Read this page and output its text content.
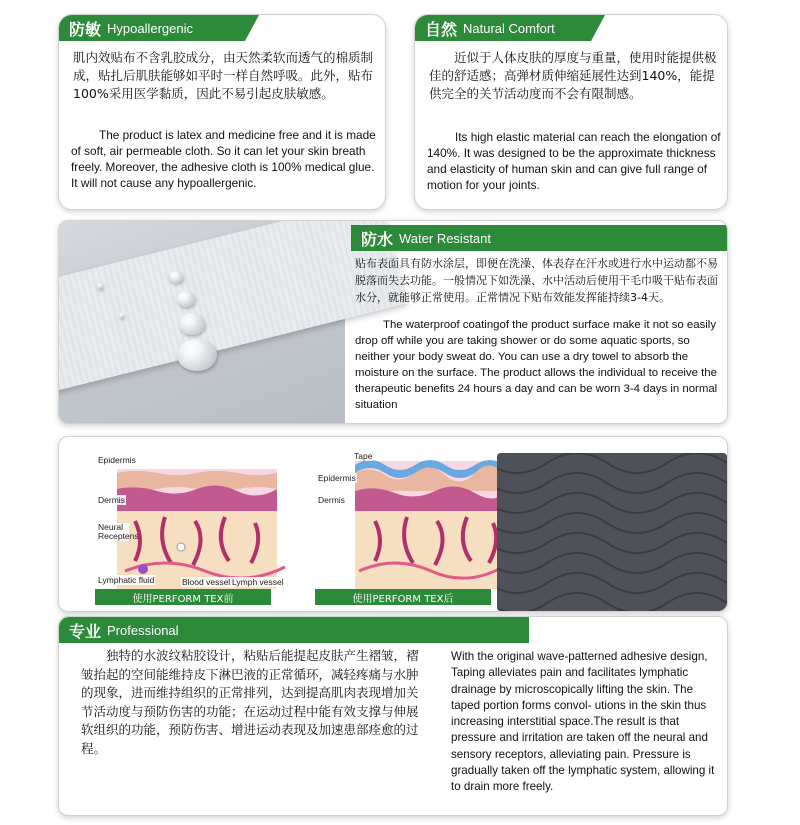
防敏 Hypoallergenic

肌内效贴布不含乳胶成分，由天然柔软而透气的棉质制成，贴扎后肌肤能够如平时一样自然呼吸。此外，贴布100%采用医学黏质，因此不易引起皮肤敏感。

The product is latex and medicine free and it is made of soft, air permeable cloth. So it can let your skin breath freely. Moreover, the adhesive cloth is 100% medical glue. It will not cause any hypoallergenic.

自然 Natural Comfort

近似于人体皮肤的厚度与重量，使用时能提供极佳的舒适感；高弹材质伸缩延展性达到140%，能提供完全的关节活动度而不会有限制感。

Its high elastic material can reach the elongation of 140%. It was designed to be the approximate thickness and elasticity of human skin and can give full range of motion for your joints.

防水 Water Resistant

贴布表面具有防水涂层，即便在洗澡、体表存在汗水或进行水中运动都不易脱落而失去功能。一般情况下如洗澡、水中活动后使用干毛巾吸干贴布表面水分，就能够正常使用。正常情况下贴布效能发挥能持续3-4天。

The waterproof coatingof the product surface make it not so easily drop off while you are taking shower or do some aquatic sports, so neither your body sweat do. You can use a dry towel to absorb the moisture on the surface. The product allows the individual to receive the therapeutic benefits 24 hours a day and can be worn 3-4 days in normal situation

Epidermis
Dermis
Neural Receptens
Lymphatic fluid	Blood vessel Lymph vessel
使用PERFORM TEX前
Tape
Epidermis
Dermis
使用PERFORM TEX后
专业 Professional

独特的水波纹粘胶设计，粘贴后能提起皮肤产生褶皱，褶皱抬起的空间能维持皮下淋巴液的正常循环，减轻疼痛与水肿的现象，进而维持组织的正常排列，达到提高肌肉表现增加关节活动度与预防伤害的功能；在运动过程中能有效支撑与伸展软组织的功能，预防伤害、增进运动表现及加速患部痊愈的过程。

With the original wave-patterned adhesive design, Taping alleviates pain and facilitates lymphatic drainage by microscopically lifting the skin. The taped portion forms convol- utions in the skin thus increasing interstitial space.The result is that pressure and irritation are taken off the neural and sensory receptors, alleviating pain. Pressure is gradually taken off the lymphatic system, allowing it to drain more freely.
